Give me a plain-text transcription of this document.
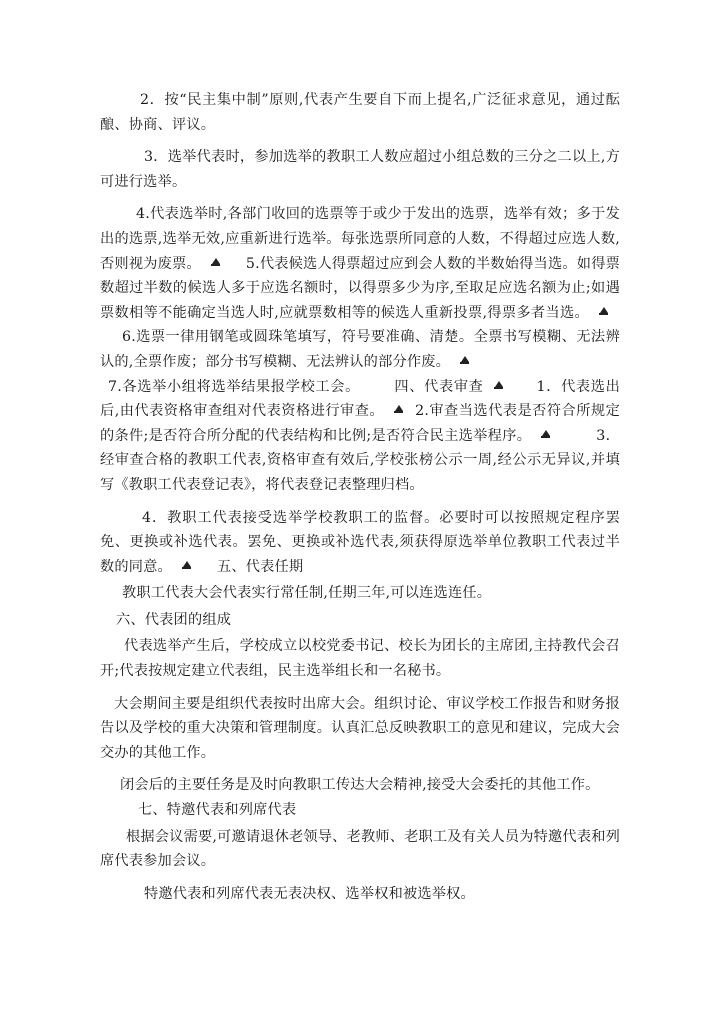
2．按“民主集中制”原则,代表产生要自下而上提名,广泛征求意见，通过酝酿、协商、评议。

3．选举代表时，参加选举的教职工人数应超过小组总数的三分之二以上,方可进行选举。

4.代表选举时,各部门收回的选票等于或少于发出的选票，选举有效；多于发出的选票,选举无效,应重新进行选举。每张选票所同意的人数，不得超过应选人数,否则视为废票。	5.代表候选人得票超过应到会人数的半数始得当选。如得票数超过半数的候选人多于应选名额时，以得票多少为序,至取足应选名额为止;如遇票数相等不能确定当选人时,应就票数相等的候选人重新投票,得票多者当选。6.选票一律用钢笔或圆珠笔填写，符号要准确、清楚。全票书写模糊、无法辨认的,全票作废；部分书写模糊、无法辨认的部分作废。

7.各选举小组将选举结果报学校工会。 四、代表审查	1．代表选出后,由代表资格审查组对代表资格进行审查。 2.审查当选代表是否符合所规定的条件;是否符合所分配的代表结构和比例;是否符合民主选举程序。	3．经审查合格的教职工代表,资格审查有效后,学校张榜公示一周,经公示无异议,并填写《教职工代表登记表》，将代表登记表整理归档。

4．教职工代表接受选举学校教职工的监督。必要时可以按照规定程序罢免、更换或补选代表。罢免、更换或补选代表,须获得原选举单位教职工代表过半数的同意。	五、代表任期

教职工代表大会代表实行常任制,任期三年,可以连选连任。

六、代表团的组成

代表选举产生后，学校成立以校党委书记、校长为团长的主席团,主持教代会召开;代表按规定建立代表组，民主选举组长和一名秘书。

大会期间主要是组织代表按时出席大会。组织讨论、审议学校工作报告和财务报告以及学校的重大决策和管理制度。认真汇总反映教职工的意见和建议，完成大会交办的其他工作。

闭会后的主要任务是及时向教职工传达大会精神,接受大会委托的其他工作。

七、特邀代表和列席代表

根据会议需要,可邀请退休老领导、老教师、老职工及有关人员为特邀代表和列席代表参加会议。

特邀代表和列席代表无表决权、选举权和被选举权。
